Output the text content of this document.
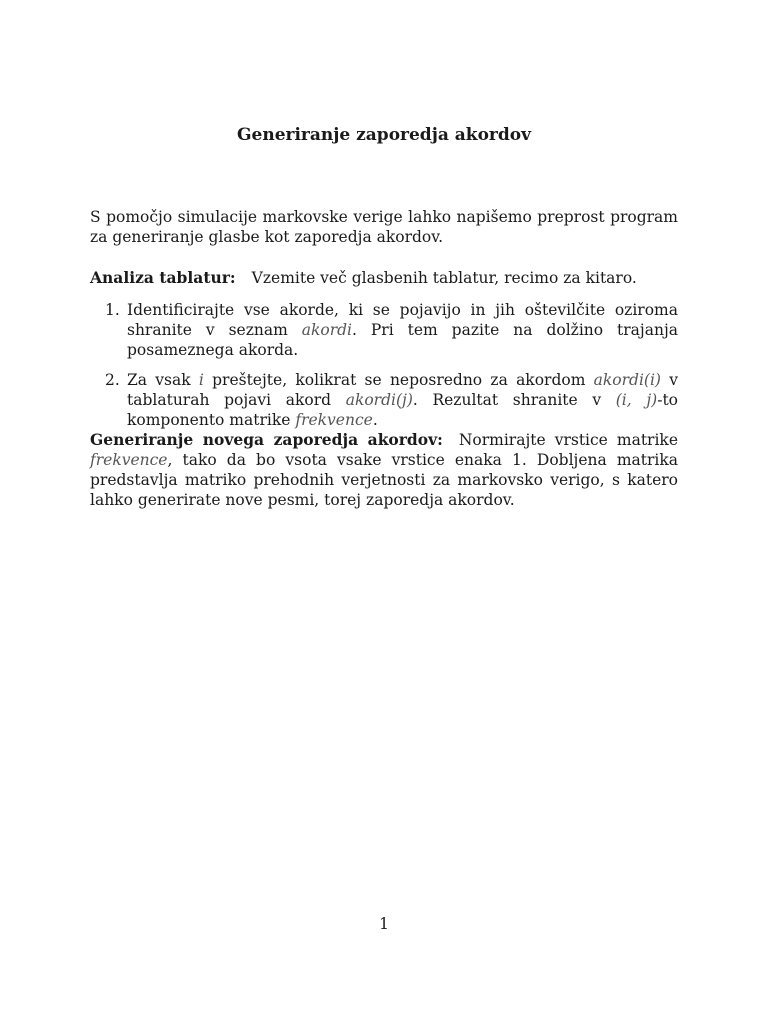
Generiranje zaporedja akordov
S pomočjo simulacije markovske verige lahko napišemo preprost program za generiranje glasbe kot zaporedja akordov.
Analiza tablatur: Vzemite več glasbenih tablatur, recimo za kitaro.
1. Identificirajte vse akorde, ki se pojavijo in jih oštevilčite oziroma shranite v seznam akordi. Pri tem pazite na dolžino trajanja posameznega akorda.
2. Za vsak i preštejte, kolikrat se neposredno za akordom akordi(i) v tablaturah pojavi akord akordi(j). Rezultat shranite v (i, j)-to komponento matrike frekvence.
Generiranje novega zaporedja akordov: Normirajte vrstice matrike frekvence, tako da bo vsota vsake vrstice enaka 1. Dobljena matrika predstavlja matriko prehodnih verjetnosti za markovsko verigo, s katero lahko generirate nove pesmi, torej zaporedja akordov.
1
